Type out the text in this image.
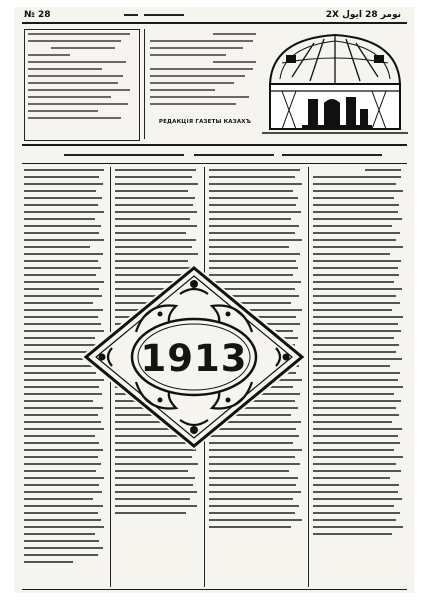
№ 28	نومر 28 ايول 2X
РЕДАКЦІЯ ГАЗЕТЫ КАЗАХЪ
1913
